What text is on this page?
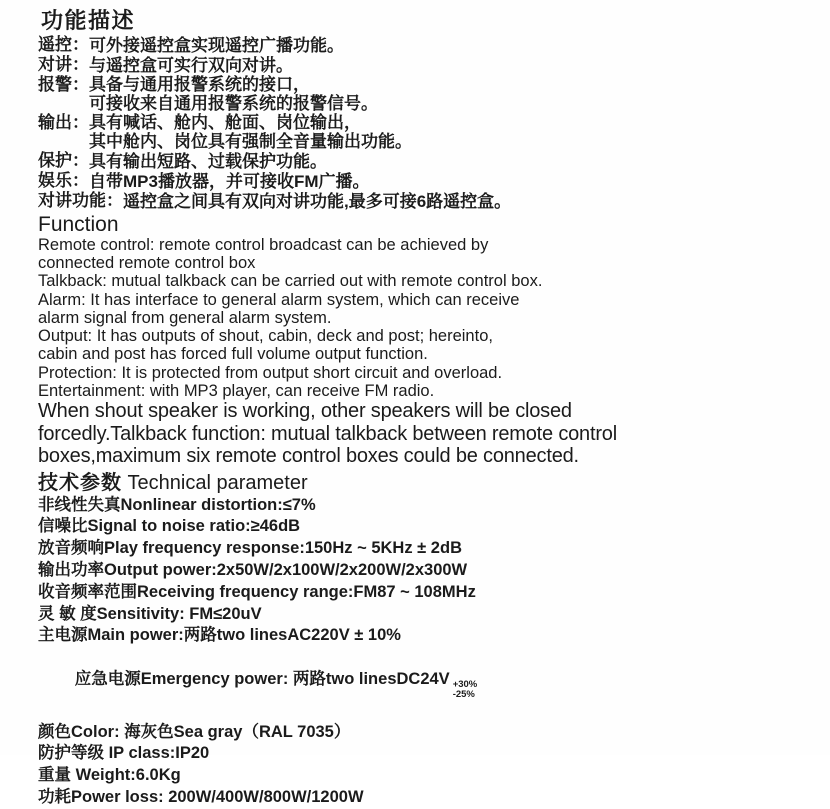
功能描述
遥控： 可外接遥控盒实现遥控广播功能。
对讲： 与遥控盒可实行双向对讲。
报警： 具备与通用报警系统的接口，
可接收来自通用报警系统的报警信号。
输出： 具有喊话、舱内、舱面、岗位输出，
其中舱内、岗位具有强制全音量输出功能。
保护： 具有输出短路、过载保护功能。
娱乐： 自带MP3播放器，并可接收FM广播。
对讲功能： 遥控盒之间具有双向对讲功能,最多可接6路遥控盒。
Function
Remote control: remote control broadcast can be achieved by
connected remote control box
Talkback: mutual talkback can be carried out with remote control box.
Alarm: It has interface to general alarm system, which can receive
alarm signal from general alarm system.
Output: It has outputs of shout, cabin, deck and post; hereinto,
cabin and post has forced full volume output function.
Protection: It is protected from output short circuit and overload.
Entertainment: with MP3 player, can receive FM radio.
When shout speaker is working, other speakers will be closed
forcedly.Talkback function: mutual talkback between remote control
boxes,maximum six remote control boxes could be connected.
技术参数 Technical parameter
非线性失真Nonlinear distortion:≤7%
信噪比Signal to noise ratio:≥46dB
放音频响Play frequency response:150Hz ~ 5KHz ± 2dB
输出功率Output power:2x50W/2x100W/2x200W/2x300W
收音频率范围Receiving frequency range:FM87 ~ 108MHz
灵 敏 度Sensitivity: FM≤20uV
主电源Main power:两路two linesAC220V ± 10%

应急电源Emergency power: 两路two linesDC24V +30%
-25%

颜色Color: 海灰色Sea gray（RAL 7035）
防护等级 IP class:IP20
重量 Weight:6.0Kg
功耗Power loss: 200W/400W/800W/1200W
